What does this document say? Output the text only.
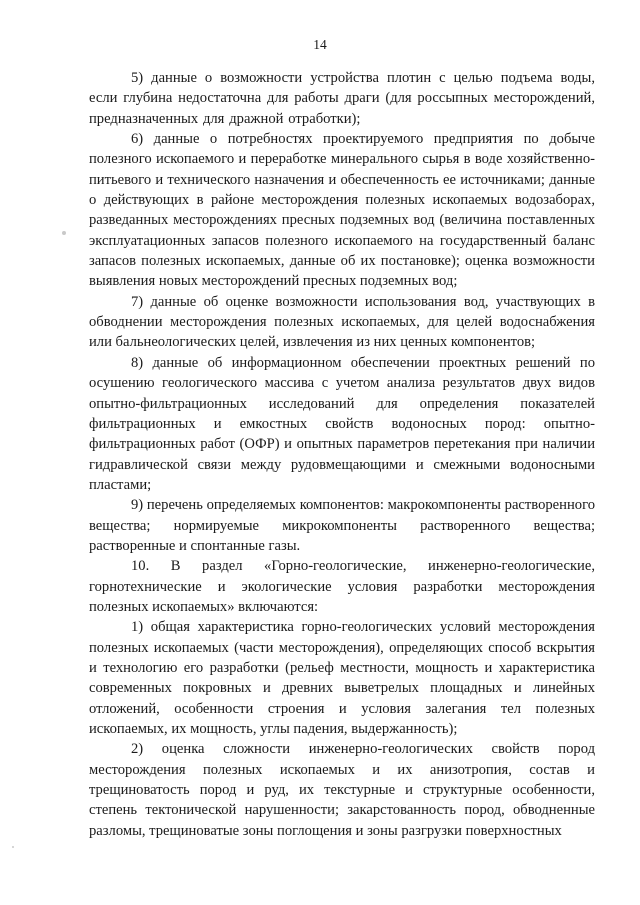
14

5) данные о возможности устройства плотин с целью подъема воды, если глубина недостаточна для работы драги (для россыпных месторождений, предназначенных для дражной отработки);

6) данные о потребностях проектируемого предприятия по добыче полезного ископаемого и переработке минерального сырья в воде хозяйственно-питьевого и технического назначения и обеспеченность ее источниками; данные о действующих в районе месторождения полезных ископаемых водозаборах, разведанных месторождениях пресных подземных вод (величина поставленных эксплуатационных запасов полезного ископаемого на государственный баланс запасов полезных ископаемых, данные об их постановке); оценка возможности выявления новых месторождений пресных подземных вод;

7) данные об оценке возможности использования вод, участвующих в обводнении месторождения полезных ископаемых, для целей водоснабжения или бальнеологических целей, извлечения из них ценных компонентов;

8) данные об информационном обеспечении проектных решений по осушению геологического массива с учетом анализа результатов двух видов опытно-фильтрационных исследований для определения показателей фильтрационных и емкостных свойств водоносных пород: опытно-фильтрационных работ (ОФР) и опытных параметров перетекания при наличии гидравлической связи между рудовмещающими и смежными водоносными пластами;

9) перечень определяемых компонентов: макрокомпоненты растворенного вещества; нормируемые микрокомпоненты растворенного вещества; растворенные и спонтанные газы.

10. В раздел «Горно-геологические, инженерно-геологические, горнотехнические и экологические условия разработки месторождения полезных ископаемых» включаются:

1) общая характеристика горно-геологических условий месторождения полезных ископаемых (части месторождения), определяющих способ вскрытия и технологию его разработки (рельеф местности, мощность и характеристика современных покровных и древних выветрелых площадных и линейных отложений, особенности строения и условия залегания тел полезных ископаемых, их мощность, углы падения, выдержанность);

2) оценка сложности инженерно-геологических свойств пород месторождения полезных ископаемых и их анизотропия, состав и трещиноватость пород и руд, их текстурные и структурные особенности, степень тектонической нарушенности; закарстованность пород, обводненные разломы, трещиноватые зоны поглощения и зоны разгрузки поверхностных
